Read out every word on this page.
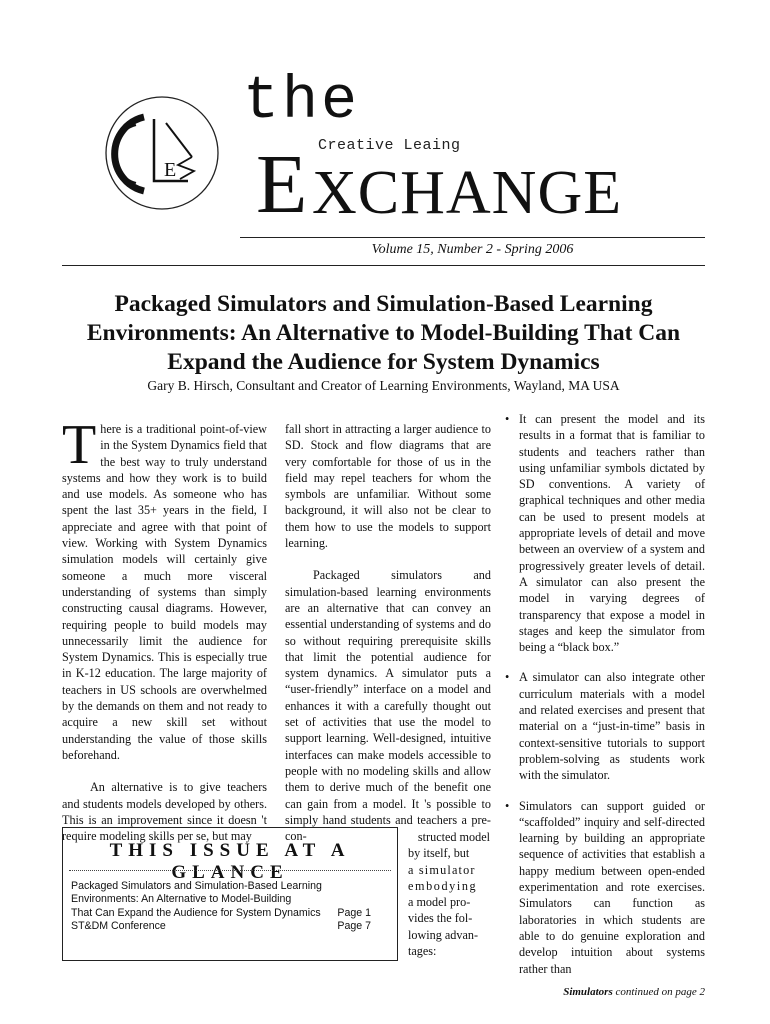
E
the
Creative Leaing
E XCHANGE
Volume 15, Number 2 - Spring 2006
Packaged Simulators and Simulation-Based Learning
Environments: An Alternative to Model-Building That Can
Expand the Audience for System Dynamics
Gary B. Hirsch, Consultant and Creator of Learning Environments, Wayland, MA USA

There is a traditional point-of-view in the System Dynamics field that the best way to truly understand systems and how they work is to build and use models. As someone who has spent the last 35+ years in the field, I appreciate and agree with that point of view. Working with System Dynamics simulation models will certainly give someone a much more visceral understanding of systems than simply constructing causal diagrams. However, requiring people to build models may unnecessarily limit the audience for System Dynamics. This is especially true in K-12 education. The large majority of teachers in US schools are overwhelmed by the demands on them and not ready to acquire a new skill set without understanding the value of those skills beforehand.

An alternative is to give teachers and students models developed by others. This is an improvement since it doesn 't require modeling skills per se, but may

fall short in attracting a larger audience to SD. Stock and flow diagrams that are very comfortable for those of us in the field may repel teachers for whom the symbols are unfamiliar. Without some background, it will also not be clear to them how to use the models to support learning.

Packaged simulators and simulation-based learning environments are an alternative that can convey an essential understanding of systems and do so without requiring prerequisite skills that limit the potential audience for system dynamics. A simulator puts a “user-friendly” interface on a model and enhances it with a carefully thought out set of activities that use the model to support learning. Well-designed, intuitive interfaces can make models accessible to people with no modeling skills and allow them to derive much of the benefit one can gain from a model. It 's possible to simply hand students and teachers a pre-con-	structed model
by itself, but
a simulator
embodying
a model pro-
vides the fol-
lowing advan-
tages:

• It can present the model and its results in a format that is familiar to students and teachers rather than using unfamiliar symbols dictated by SD conventions. A variety of graphical techniques and other media can be used to present models at appropriate levels of detail and move between an overview of a system and progressively greater levels of detail. A simulator can also present the model in varying degrees of transparency that expose a model in stages and keep the simulator from being a “black box.”

• A simulator can also integrate other curriculum materials with a model and related exercises and present that material on a “just-in-time” basis in context-sensitive tutorials to support problem-solving as students work with the simulator.

• Simulators can support guided or “scaffolded” inquiry and self-directed learning by building an appropriate sequence of activities that establish a happy medium between open-ended experimentation and rote exercises. Simulators can function as laboratories in which students are able to do genuine exploration and develop intuition about systems rather than

THIS ISSUE AT A GLANCE
Packaged Simulators and Simulation-Based Learning
Environments: An Alternative to Model-Building
That Can Expand the Audience for System Dynamics Page 1
ST&DM Conference	Page 7
Simulators continued on page 2
